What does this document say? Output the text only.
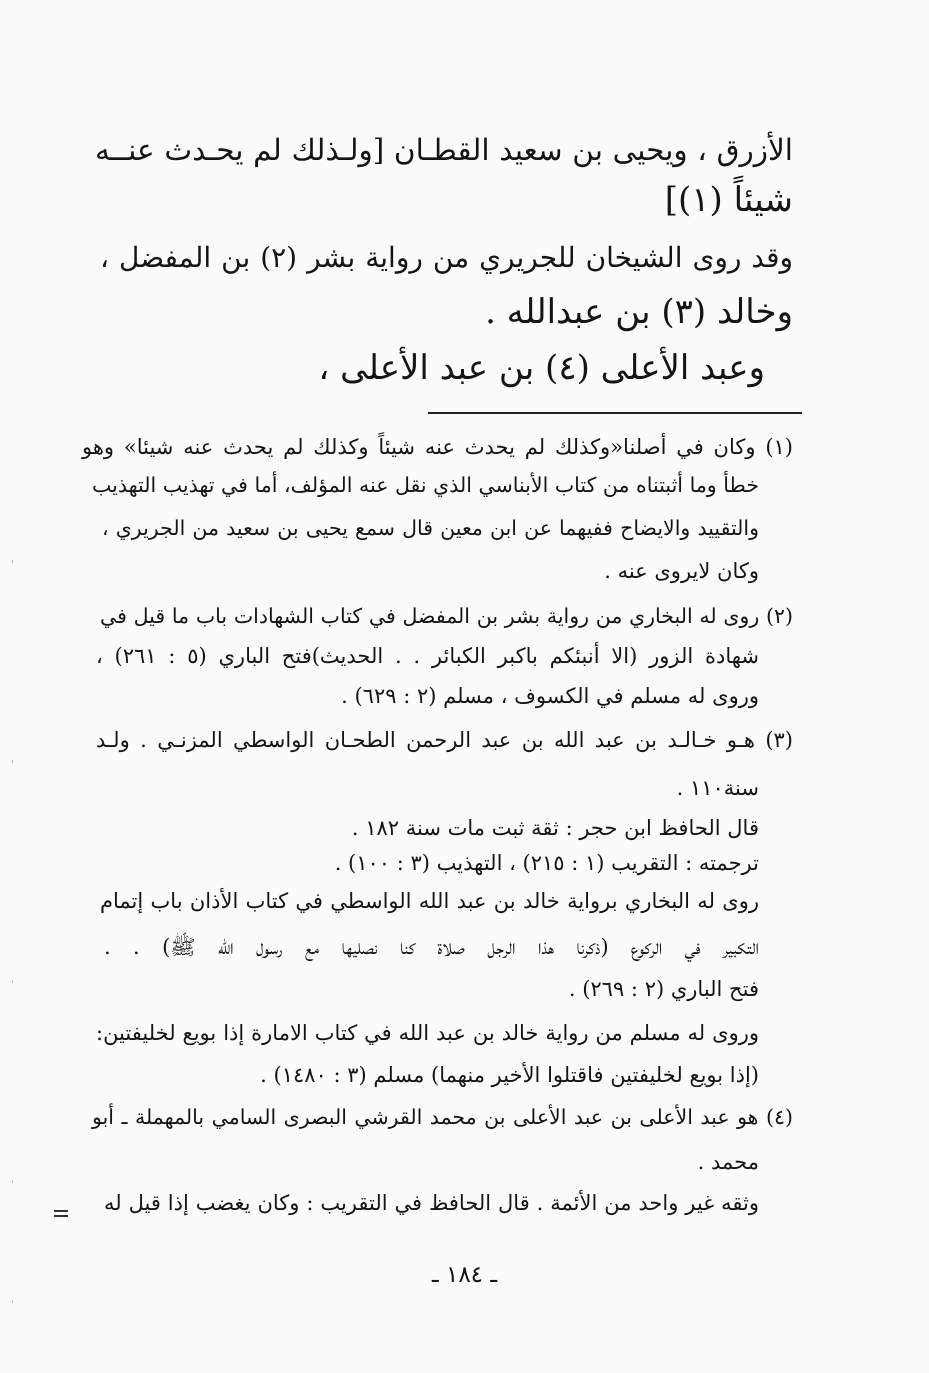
الأزرق ، ويحيى بن سعيد القطـان [ولـذلك لم يحـدث عنــه
شيئاً (١)]
وقد روى الشيخان للجريري من رواية بشر (٢) بن المفضل ،
وخالد (٣) بن عبدالله .
وعبد الأعلى (٤) بن عبد الأعلى ،
(١) وكان في أصلنا«وكذلك لم يحدث عنه شيئاً وكذلك لم يحدث عنه شيئا» وهو
خطأ وما أثبتناه من كتاب الأبناسي الذي نقل عنه المؤلف، أما في تهذيب التهذيب
والتقييد والايضاح ففيهما عن ابن معين قال سمع يحيى بن سعيد من الجريري ،
وكان لايروى عنه .
(٢) روى له البخاري من رواية بشر بن المفضل في كتاب الشهادات باب ما قيل في
شهادة الزور (الا أنبئكم باكبر الكبائر . . الحديث)فتح الباري (٥ : ٢٦١) ،
وروى له مسلم في الكسوف ، مسلم (٢ : ٦٢٩) .
(٣) هـو خـالـد بن عبد الله بن عبد الرحمن الطحـان الواسطي المزنـي . ولـد
سنة١١٠ .
قال الحافظ ابن حجر : ثقة ثبت مات سنة ١٨٢ .
ترجمته : التقريب (١ : ٢١٥) ، التهذيب (٣ : ١٠٠) .
روى له البخاري برواية خالد بن عبد الله الواسطي في كتاب الأذان باب إتمام
التكبير في الركوع (ذكرنا هذا الرجل صلاة كنا نصليها مع رسول الله ﷺ) . .
فتح الباري (٢ : ٢٦٩) .
وروى له مسلم من رواية خالد بن عبد الله في كتاب الامارة إذا بويع لخليفتين:
(إذا بويع لخليفتين فاقتلوا الأخير منهما) مسلم (٣ : ١٤٨٠) .
(٤) هو عبد الأعلى بن عبد الأعلى بن محمد القرشي البصرى السامي بالمهملة ـ أبو
محمد .
وثقه غير واحد من الأئمة . قال الحافظ في التقريب : وكان يغضب إذا قيل له
ـ ١٨٤ ـ
